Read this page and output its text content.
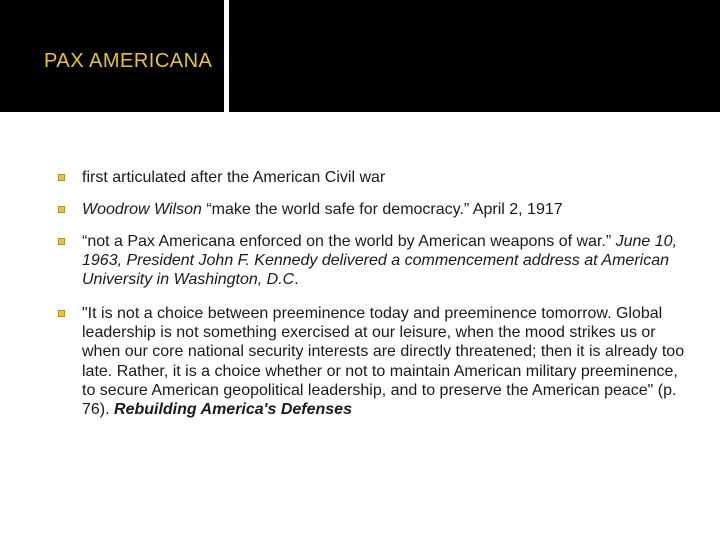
PAX AMERICANA
first articulated after the American Civil war
Woodrow Wilson “make the world safe for democracy.” April 2, 1917
“not a Pax Americana enforced on the world by American weapons of war.” June 10, 1963, President John F. Kennedy delivered a commencement address at American University in Washington, D.C.
"It is not a choice between preeminence today and preeminence tomorrow. Global leadership is not something exercised at our leisure, when the mood strikes us or when our core national security interests are directly threatened; then it is already too late. Rather, it is a choice whether or not to maintain American military preeminence, to secure American geopolitical leadership, and to preserve the American peace" (p. 76). Rebuilding America's Defenses
